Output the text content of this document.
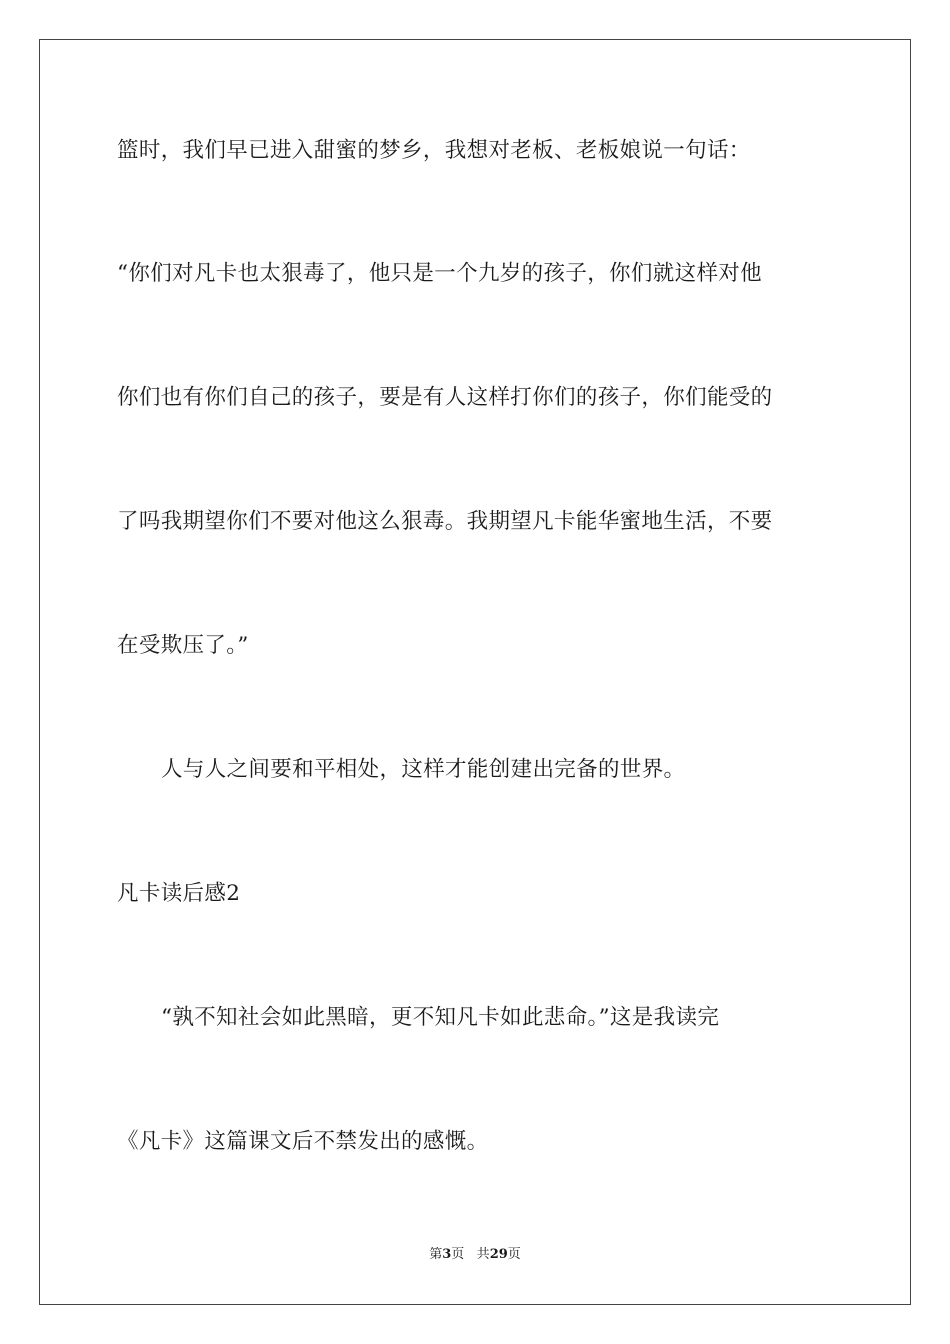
篮时，我们早已进入甜蜜的梦乡，我想对老板、老板娘说一句话：
“你们对凡卡也太狠毒了，他只是一个九岁的孩子，你们就这样对他
你们也有你们自己的孩子，要是有人这样打你们的孩子，你们能受的
了吗我期望你们不要对他这么狠毒。我期望凡卡能华蜜地生活，不要
在受欺压了。”
人与人之间要和平相处，这样才能创建出完备的世界。
凡卡读后感2
“孰不知社会如此黑暗，更不知凡卡如此悲命。”这是我读完
《凡卡》这篇课文后不禁发出的感慨。
第3页 共29页
